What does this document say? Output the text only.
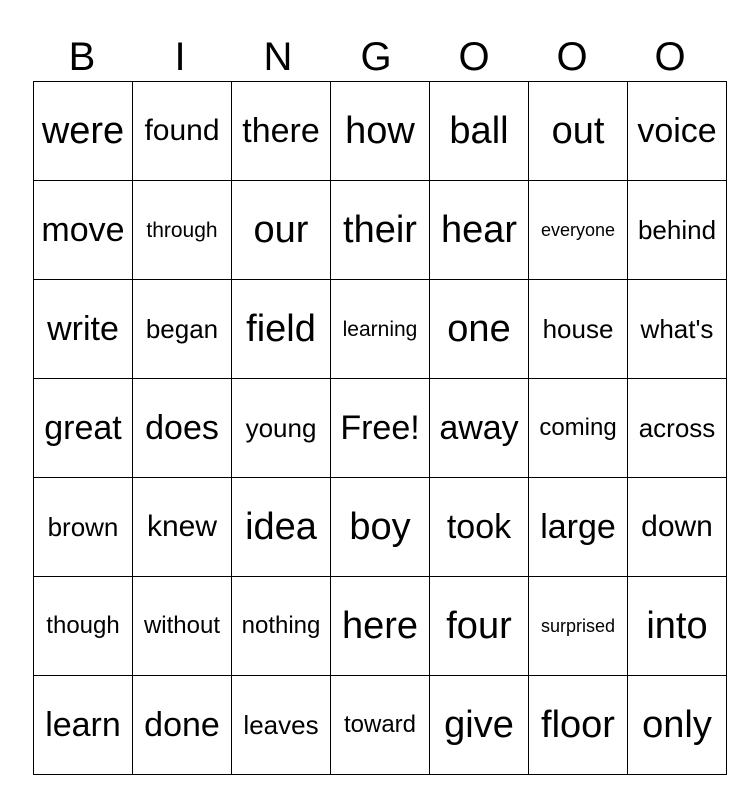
B	I	N	G	O	O	O
were	found	there	how	ball	out	voice
move	through	our	their	hear	everyone	behind
write	began	field	learning	one	house	what's
great	does	young	Free!	away	coming	across
brown	knew	idea	boy	took	large	down
though	without	nothing	here	four	surprised	into
learn	done	leaves	toward	give	floor	only
